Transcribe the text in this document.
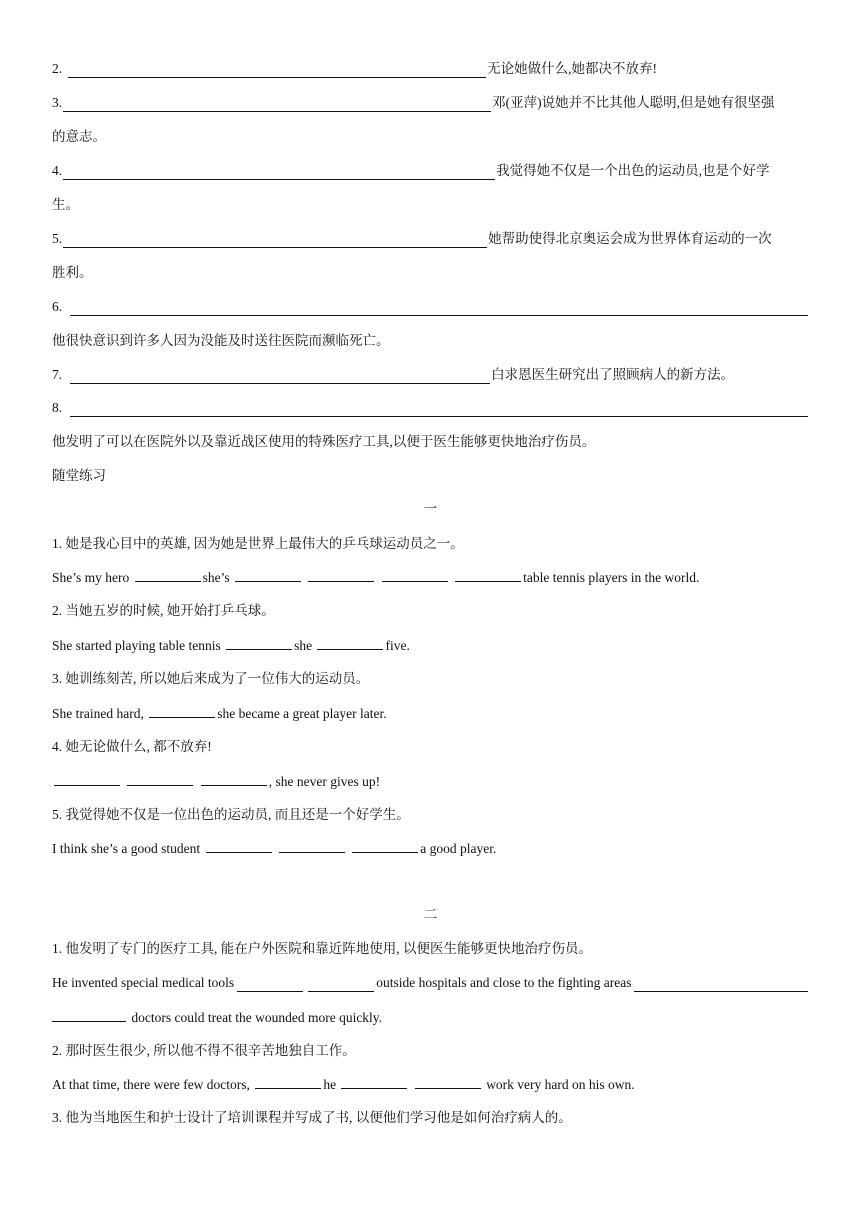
2.	无论她做什么,她都决不放弃!
3.	邓(亚萍)说她并不比其他人聪明,但是她有很坚强
的意志。
4.	我觉得她不仅是一个出色的运动员,也是个好学
生。
5.	她帮助使得北京奥运会成为世界体育运动的一次
胜利。
6.
他很快意识到许多人因为没能及时送往医院而濒临死亡。
7.	白求恩医生研究出了照顾病人的新方法。
8.
他发明了可以在医院外以及靠近战区使用的特殊医疗工具,以便于医生能够更快地治疗伤员。
随堂练习
一
1. 她是我心目中的英雄, 因为她是世界上最伟大的乒乓球运动员之一。
She’s my hero	she’s	table tennis players in the world.
2. 当她五岁的时候, 她开始打乒乓球。
She started playing table tennis	she	five.
3. 她训练刻苦, 所以她后来成为了一位伟大的运动员。
She trained hard,	she became a great player later.
4. 她无论做什么, 都不放弃!
, she never gives up!
5. 我觉得她不仅是一位出色的运动员, 而且还是一个好学生。
I think she’s a good student	a good player.
二
1. 他发明了专门的医疗工具, 能在户外医院和靠近阵地使用, 以便医生能够更快地治疗伤员。
He invented special medical tools	outside hospitals and close to the fighting areas
doctors could treat the wounded more quickly.
2. 那时医生很少, 所以他不得不很辛苦地独自工作。
At that time, there were few doctors,	he	work very hard on his own.
3. 他为当地医生和护士设计了培训课程并写成了书, 以便他们学习他是如何治疗病人的。
